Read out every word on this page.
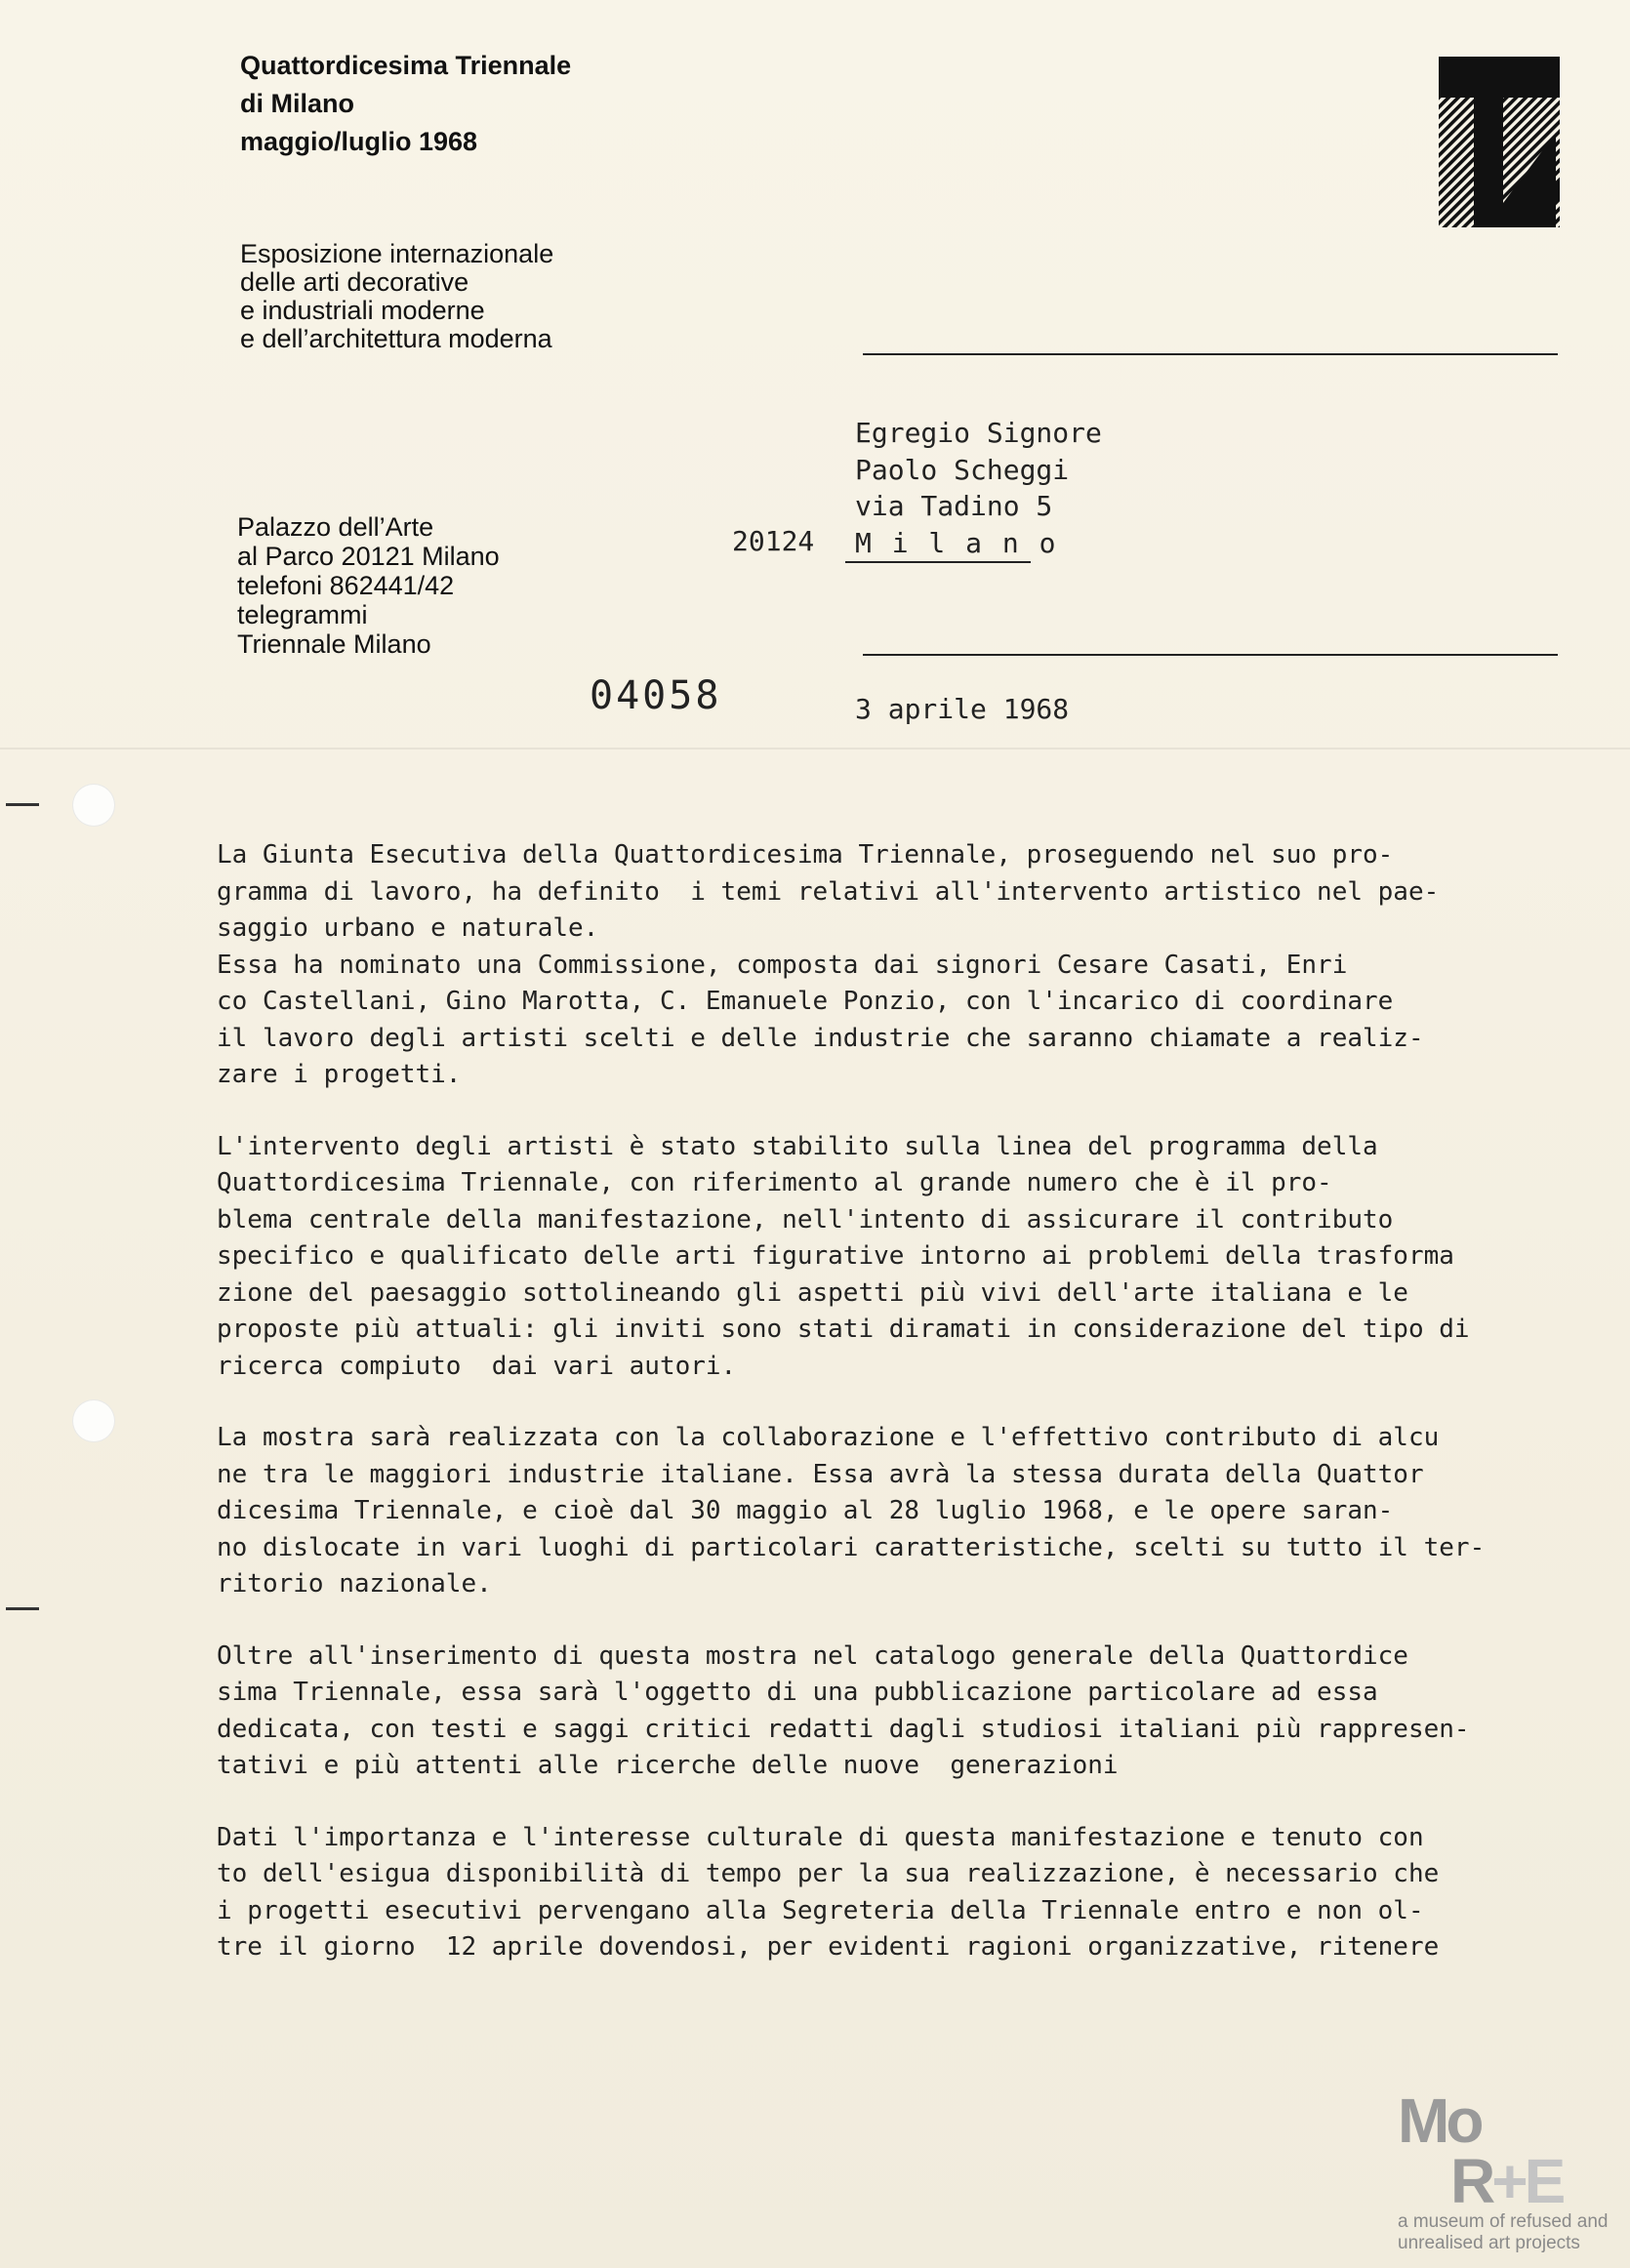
Quattordicesima Triennale
di Milano
maggio/luglio 1968
Esposizione internazionale
delle arti decorative
e industriali moderne
e dell’architettura moderna
Palazzo dell’Arte
al Parco 20121 Milano
telefoni 862441/42
telegrammi
Triennale Milano
Egregio Signore
Paolo Scheggi
via Tadino 5
M i l a n o
20124
04058	3 aprile 1968
La Giunta Esecutiva della Quattordicesima Triennale, proseguendo nel suo pro-
gramma di lavoro, ha definito  i temi relativi all'intervento artistico nel pae-
saggio urbano e naturale.
Essa ha nominato una Commissione, composta dai signori Cesare Casati, Enri
co Castellani, Gino Marotta, C. Emanuele Ponzio, con l'incarico di coordinare
il lavoro degli artisti scelti e delle industrie che saranno chiamate a realiz-
zare i progetti.
L'intervento degli artisti è stato stabilito sulla linea del programma della
Quattordicesima Triennale, con riferimento al grande numero che è il pro-
blema centrale della manifestazione, nell'intento di assicurare il contributo
specifico e qualificato delle arti figurative intorno ai problemi della trasforma
zione del paesaggio sottolineando gli aspetti più vivi dell'arte italiana e le
proposte più attuali: gli inviti sono stati diramati in considerazione del tipo di
ricerca compiuto  dai vari autori.
La mostra sarà realizzata con la collaborazione e l'effettivo contributo di alcu
ne tra le maggiori industrie italiane. Essa avrà la stessa durata della Quattor
dicesima Triennale, e cioè dal 30 maggio al 28 luglio 1968, e le opere saran-
no dislocate in vari luoghi di particolari caratteristiche, scelti su tutto il ter-
ritorio nazionale.
Oltre all'inserimento di questa mostra nel catalogo generale della Quattordice
sima Triennale, essa sarà l'oggetto di una pubblicazione particolare ad essa
dedicata, con testi e saggi critici redatti dagli studiosi italiani più rappresen-
tativi e più attenti alle ricerche delle nuove  generazioni
Dati l'importanza e l'interesse culturale di questa manifestazione e tenuto con
to dell'esigua disponibilità di tempo per la sua realizzazione, è necessario che
i progetti esecutivi pervengano alla Segreteria della Triennale entro e non ol-
tre il giorno  12 aprile dovendosi, per evidenti ragioni organizzative, ritenere
Mo
R+E
a museum of refused and
unrealised art projects
